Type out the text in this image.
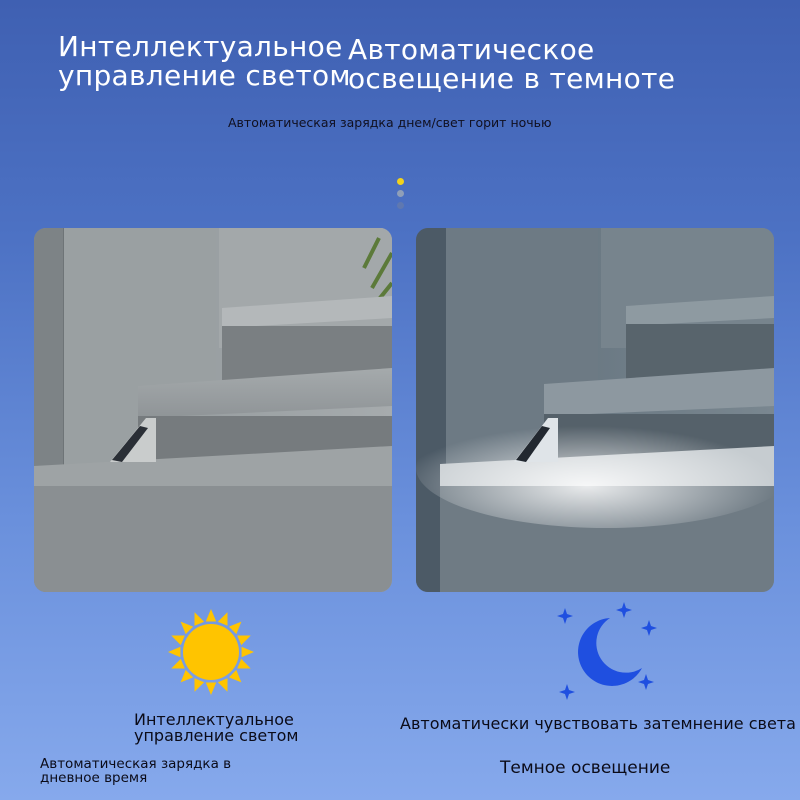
Интеллектуальное
управление светом
Автоматическое
освещение в темноте
Автоматическая зарядка днем/свет горит ночью
Интеллектуальное
управление светом
Автоматически чувствовать затемнение света
Автоматическая зарядка в
дневное время	Темное освещение
